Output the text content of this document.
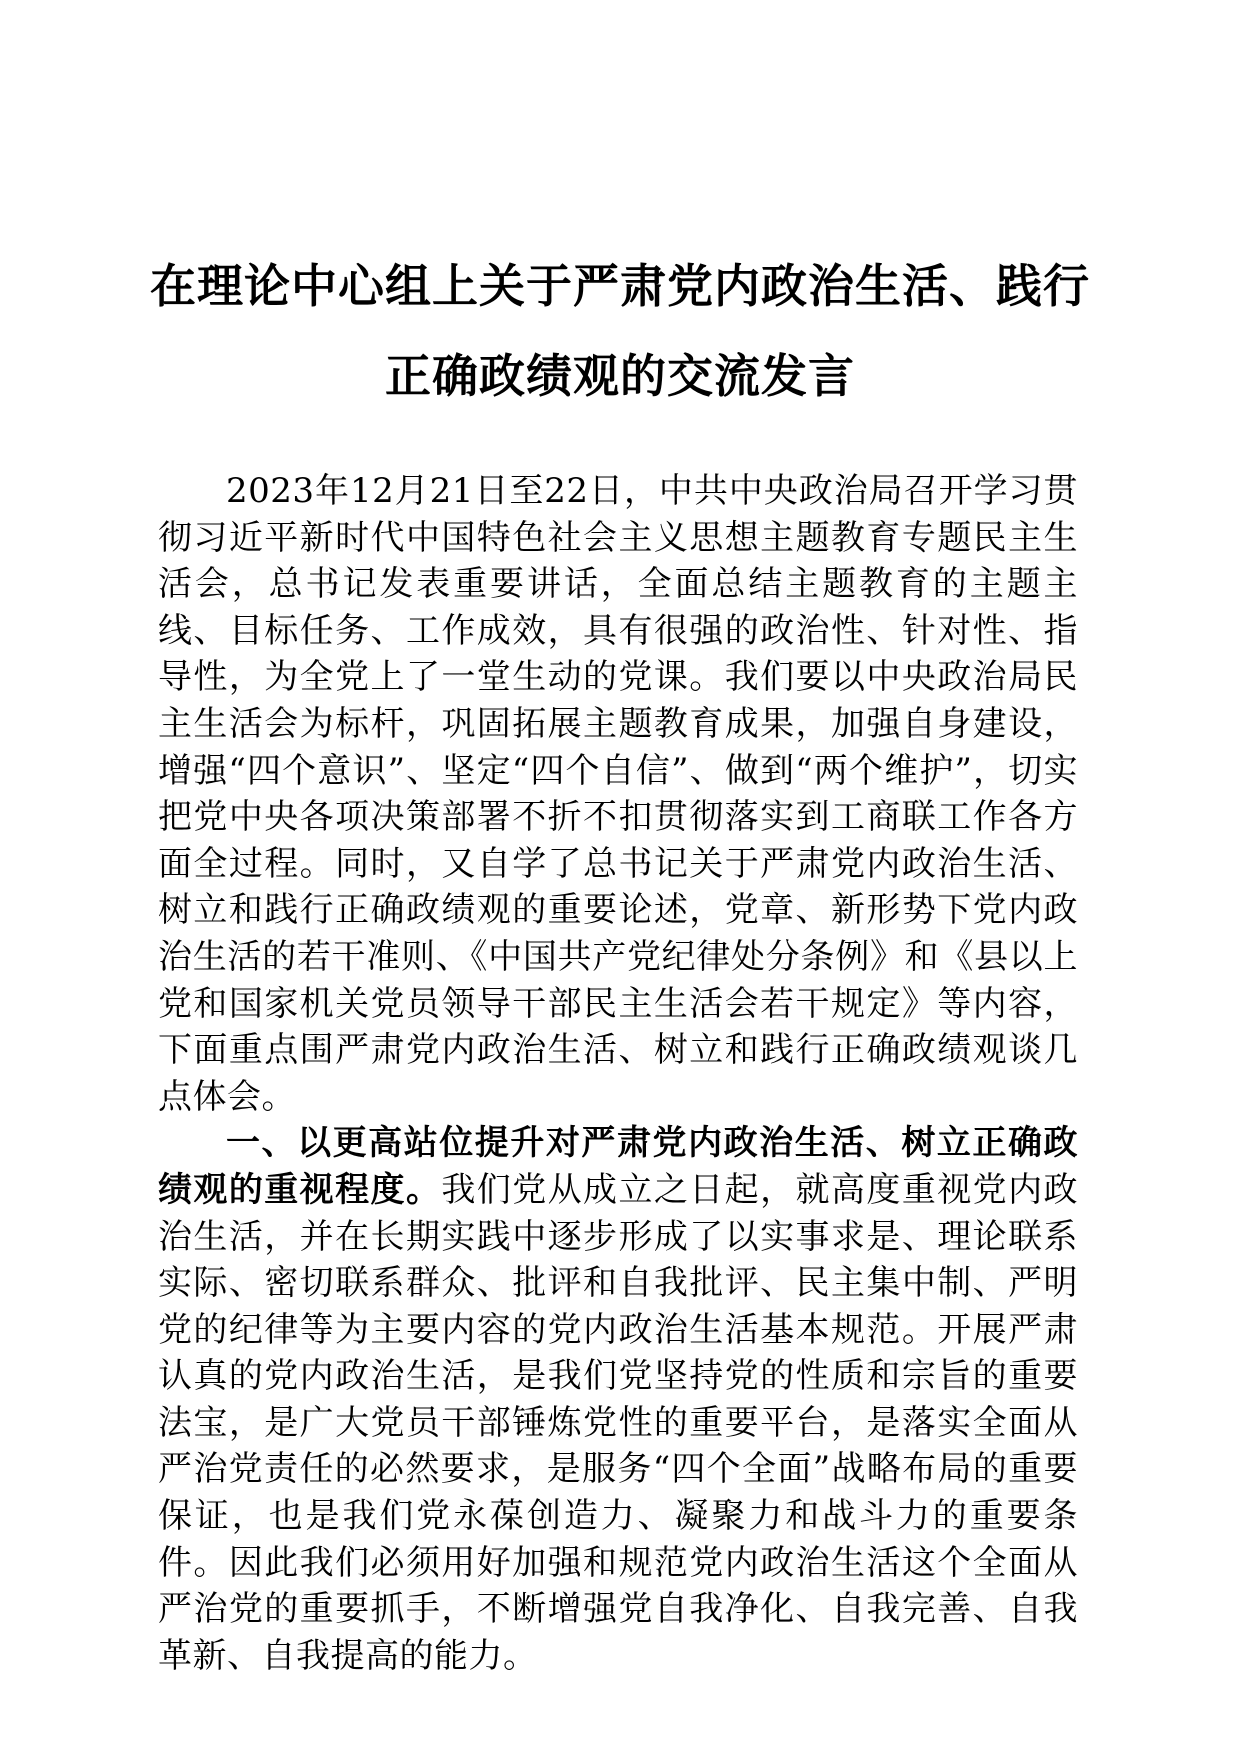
在理论中心组上关于严肃党内政治生活、践行
正确政绩观的交流发言

2023年12月21日至22日，中共中央政治局召开学习贯彻习近平新时代中国特色社会主义思想主题教育专题民主生活会，总书记发表重要讲话，全面总结主题教育的主题主线、目标任务、工作成效，具有很强的政治性、针对性、指导性，为全党上了一堂生动的党课。我们要以中央政治局民主生活会为标杆，巩固拓展主题教育成果，加强自身建设，增强“四个意识”、坚定“四个自信”、做到“两个维护”，切实把党中央各项决策部署不折不扣贯彻落实到工商联工作各方面全过程。同时，又自学了总书记关于严肃党内政治生活、树立和践行正确政绩观的重要论述，党章、新形势下党内政治生活的若干准则、《中国共产党纪律处分条例》和《县以上党和国家机关党员领导干部民主生活会若干规定》等内容，下面重点围严肃党内政治生活、树立和践行正确政绩观谈几点体会。

一、以更高站位提升对严肃党内政治生活、树立正确政绩观的重视程度。我们党从成立之日起，就高度重视党内政治生活，并在长期实践中逐步形成了以实事求是、理论联系实际、密切联系群众、批评和自我批评、民主集中制、严明党的纪律等为主要内容的党内政治生活基本规范。开展严肃认真的党内政治生活，是我们党坚持党的性质和宗旨的重要法宝，是广大党员干部锤炼党性的重要平台，是落实全面从严治党责任的必然要求，是服务“四个全面”战略布局的重要保证，也是我们党永葆创造力、凝聚力和战斗力的重要条件。因此我们必须用好加强和规范党内政治生活这个全面从严治党的重要抓手，不断增强党自我净化、自我完善、自我革新、自我提高的能力。
